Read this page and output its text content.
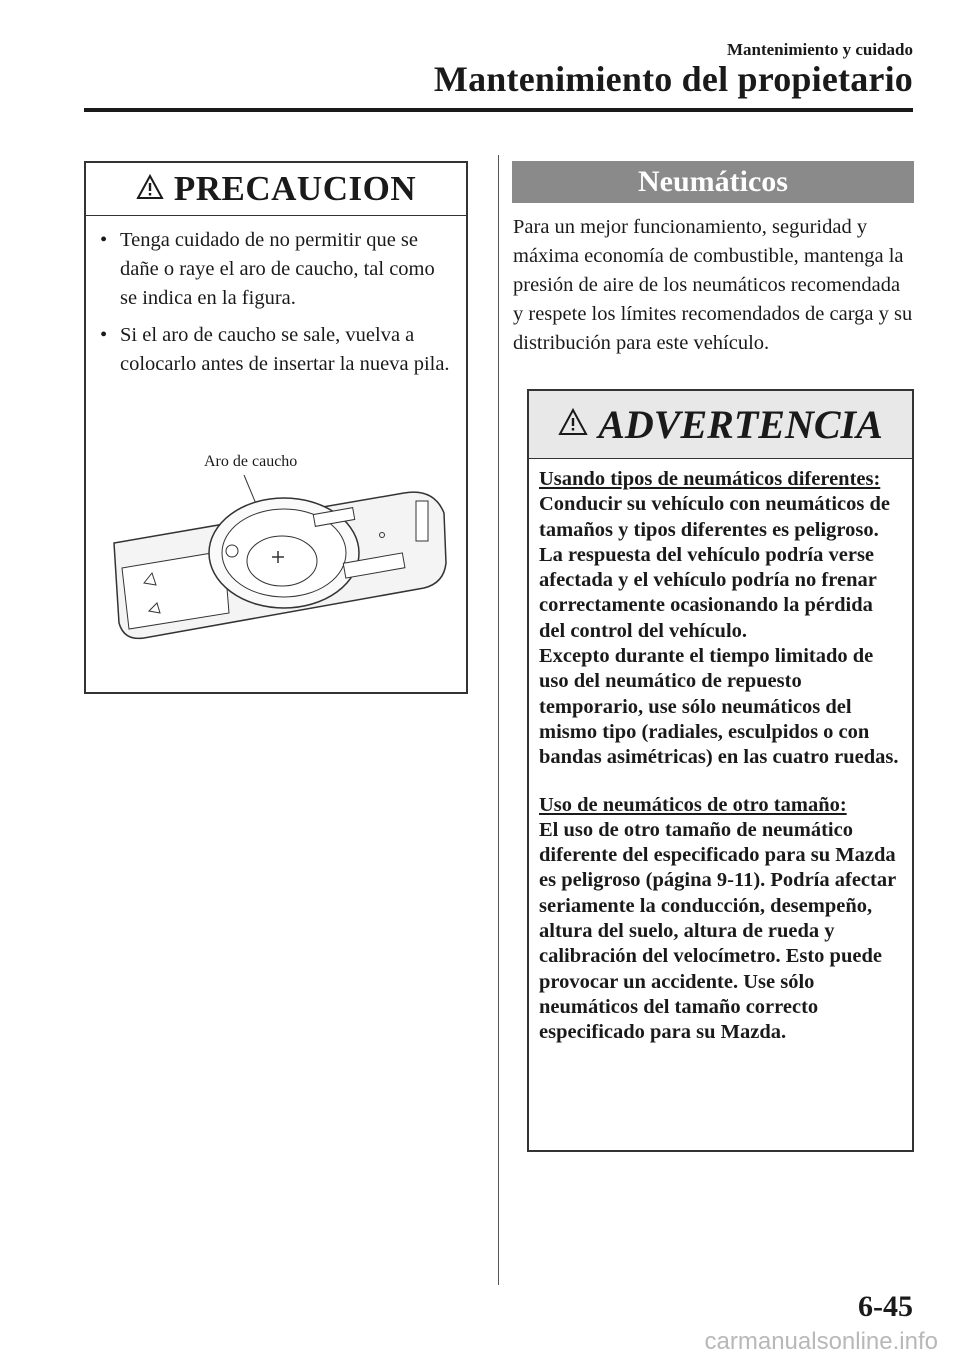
Mantenimiento y cuidado
Mantenimiento del propietario
PRECAUCION
• Tenga cuidado de no permitir que se dañe o raye el aro de caucho, tal como se indica en la figura.
• Si el aro de caucho se sale, vuelva a colocarlo antes de insertar la nueva pila.
Aro de caucho
Neumáticos
Para un mejor funcionamiento, seguridad y máxima economía de combustible, mantenga la presión de aire de los neumáticos recomendada y respete los límites recomendados de carga y su distribución para este vehículo.
ADVERTENCIA
Usando tipos de neumáticos diferentes:
Conducir su vehículo con neumáticos de tamaños y tipos diferentes es peligroso. La respuesta del vehículo podría verse afectada y el vehículo podría no frenar correctamente ocasionando la pérdida del control del vehículo.
Excepto durante el tiempo limitado de uso del neumático de repuesto temporario, use sólo neumáticos del mismo tipo (radiales, esculpidos o con bandas asimétricas) en las cuatro ruedas.
Uso de neumáticos de otro tamaño:
El uso de otro tamaño de neumático diferente del especificado para su Mazda es peligroso (página 9-11). Podría afectar seriamente la conducción, desempeño, altura del suelo, altura de rueda y calibración del velocímetro. Esto puede provocar un accidente. Use sólo neumáticos del tamaño correcto especificado para su Mazda.
6-45
carmanualsonline.info
